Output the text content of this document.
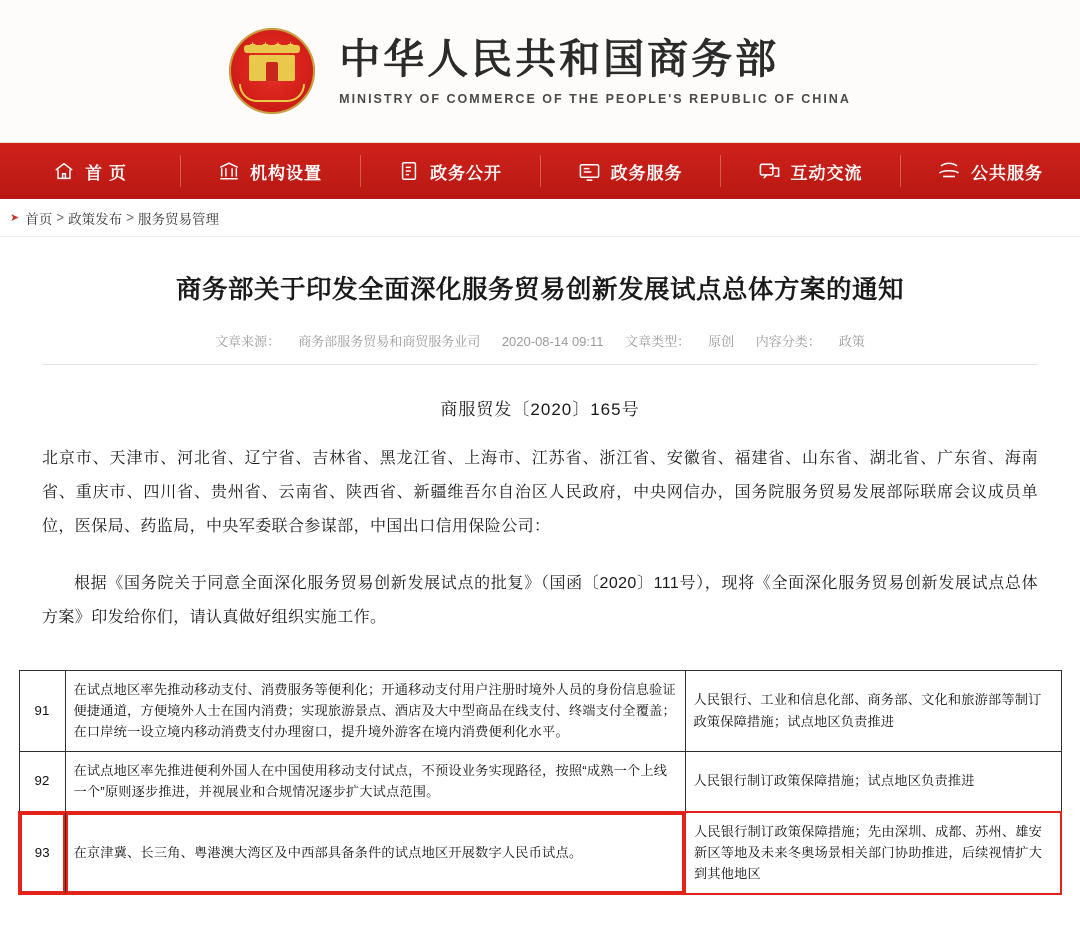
中华人民共和国商务部
MINISTRY OF COMMERCE OF THE PEOPLE'S REPUBLIC OF CHINA
首 页	机构设置	政务公开	政务服务	互动交流	公共服务
➤ 首页 > 政策发布 > 服务贸易管理
商务部关于印发全面深化服务贸易创新发展试点总体方案的通知
文章来源： 商务部服务贸易和商贸服务业司 2020-08-14 09:11 文章类型： 原创 内容分类： 政策
商服贸发〔2020〕165号
北京市、天津市、河北省、辽宁省、吉林省、黑龙江省、上海市、江苏省、浙江省、安徽省、福建省、山东省、湖北省、广东省、海南省、重庆市、四川省、贵州省、云南省、陕西省、新疆维吾尔自治区人民政府，中央网信办，国务院服务贸易发展部际联席会议成员单位，医保局、药监局，中央军委联合参谋部，中国出口信用保险公司：
根据《国务院关于同意全面深化服务贸易创新发展试点的批复》（国函〔2020〕111号），现将《全面深化服务贸易创新发展试点总体方案》印发给你们，请认真做好组织实施工作。
91	在试点地区率先推动移动支付、消费服务等便利化；开通移动支付用户注册时境外人员的身份信息验证便捷通道，方便境外人士在国内消费；实现旅游景点、酒店及大中型商品在线支付、终端支付全覆盖；在口岸统一设立境内移动消费支付办理窗口，提升境外游客在境内消费便利化水平。	人民银行、工业和信息化部、商务部、文化和旅游部等制订政策保障措施；试点地区负责推进
92	在试点地区率先推进便利外国人在中国使用移动支付试点，不预设业务实现路径，按照“成熟一个上线一个”原则逐步推进，并视展业和合规情况逐步扩大试点范围。	人民银行制订政策保障措施；试点地区负责推进
93	在京津冀、长三角、粤港澳大湾区及中西部具备条件的试点地区开展数字人民币试点。	人民银行制订政策保障措施；先由深圳、成都、苏州、雄安新区等地及未来冬奥场景相关部门协助推进，后续视情扩大到其他地区
